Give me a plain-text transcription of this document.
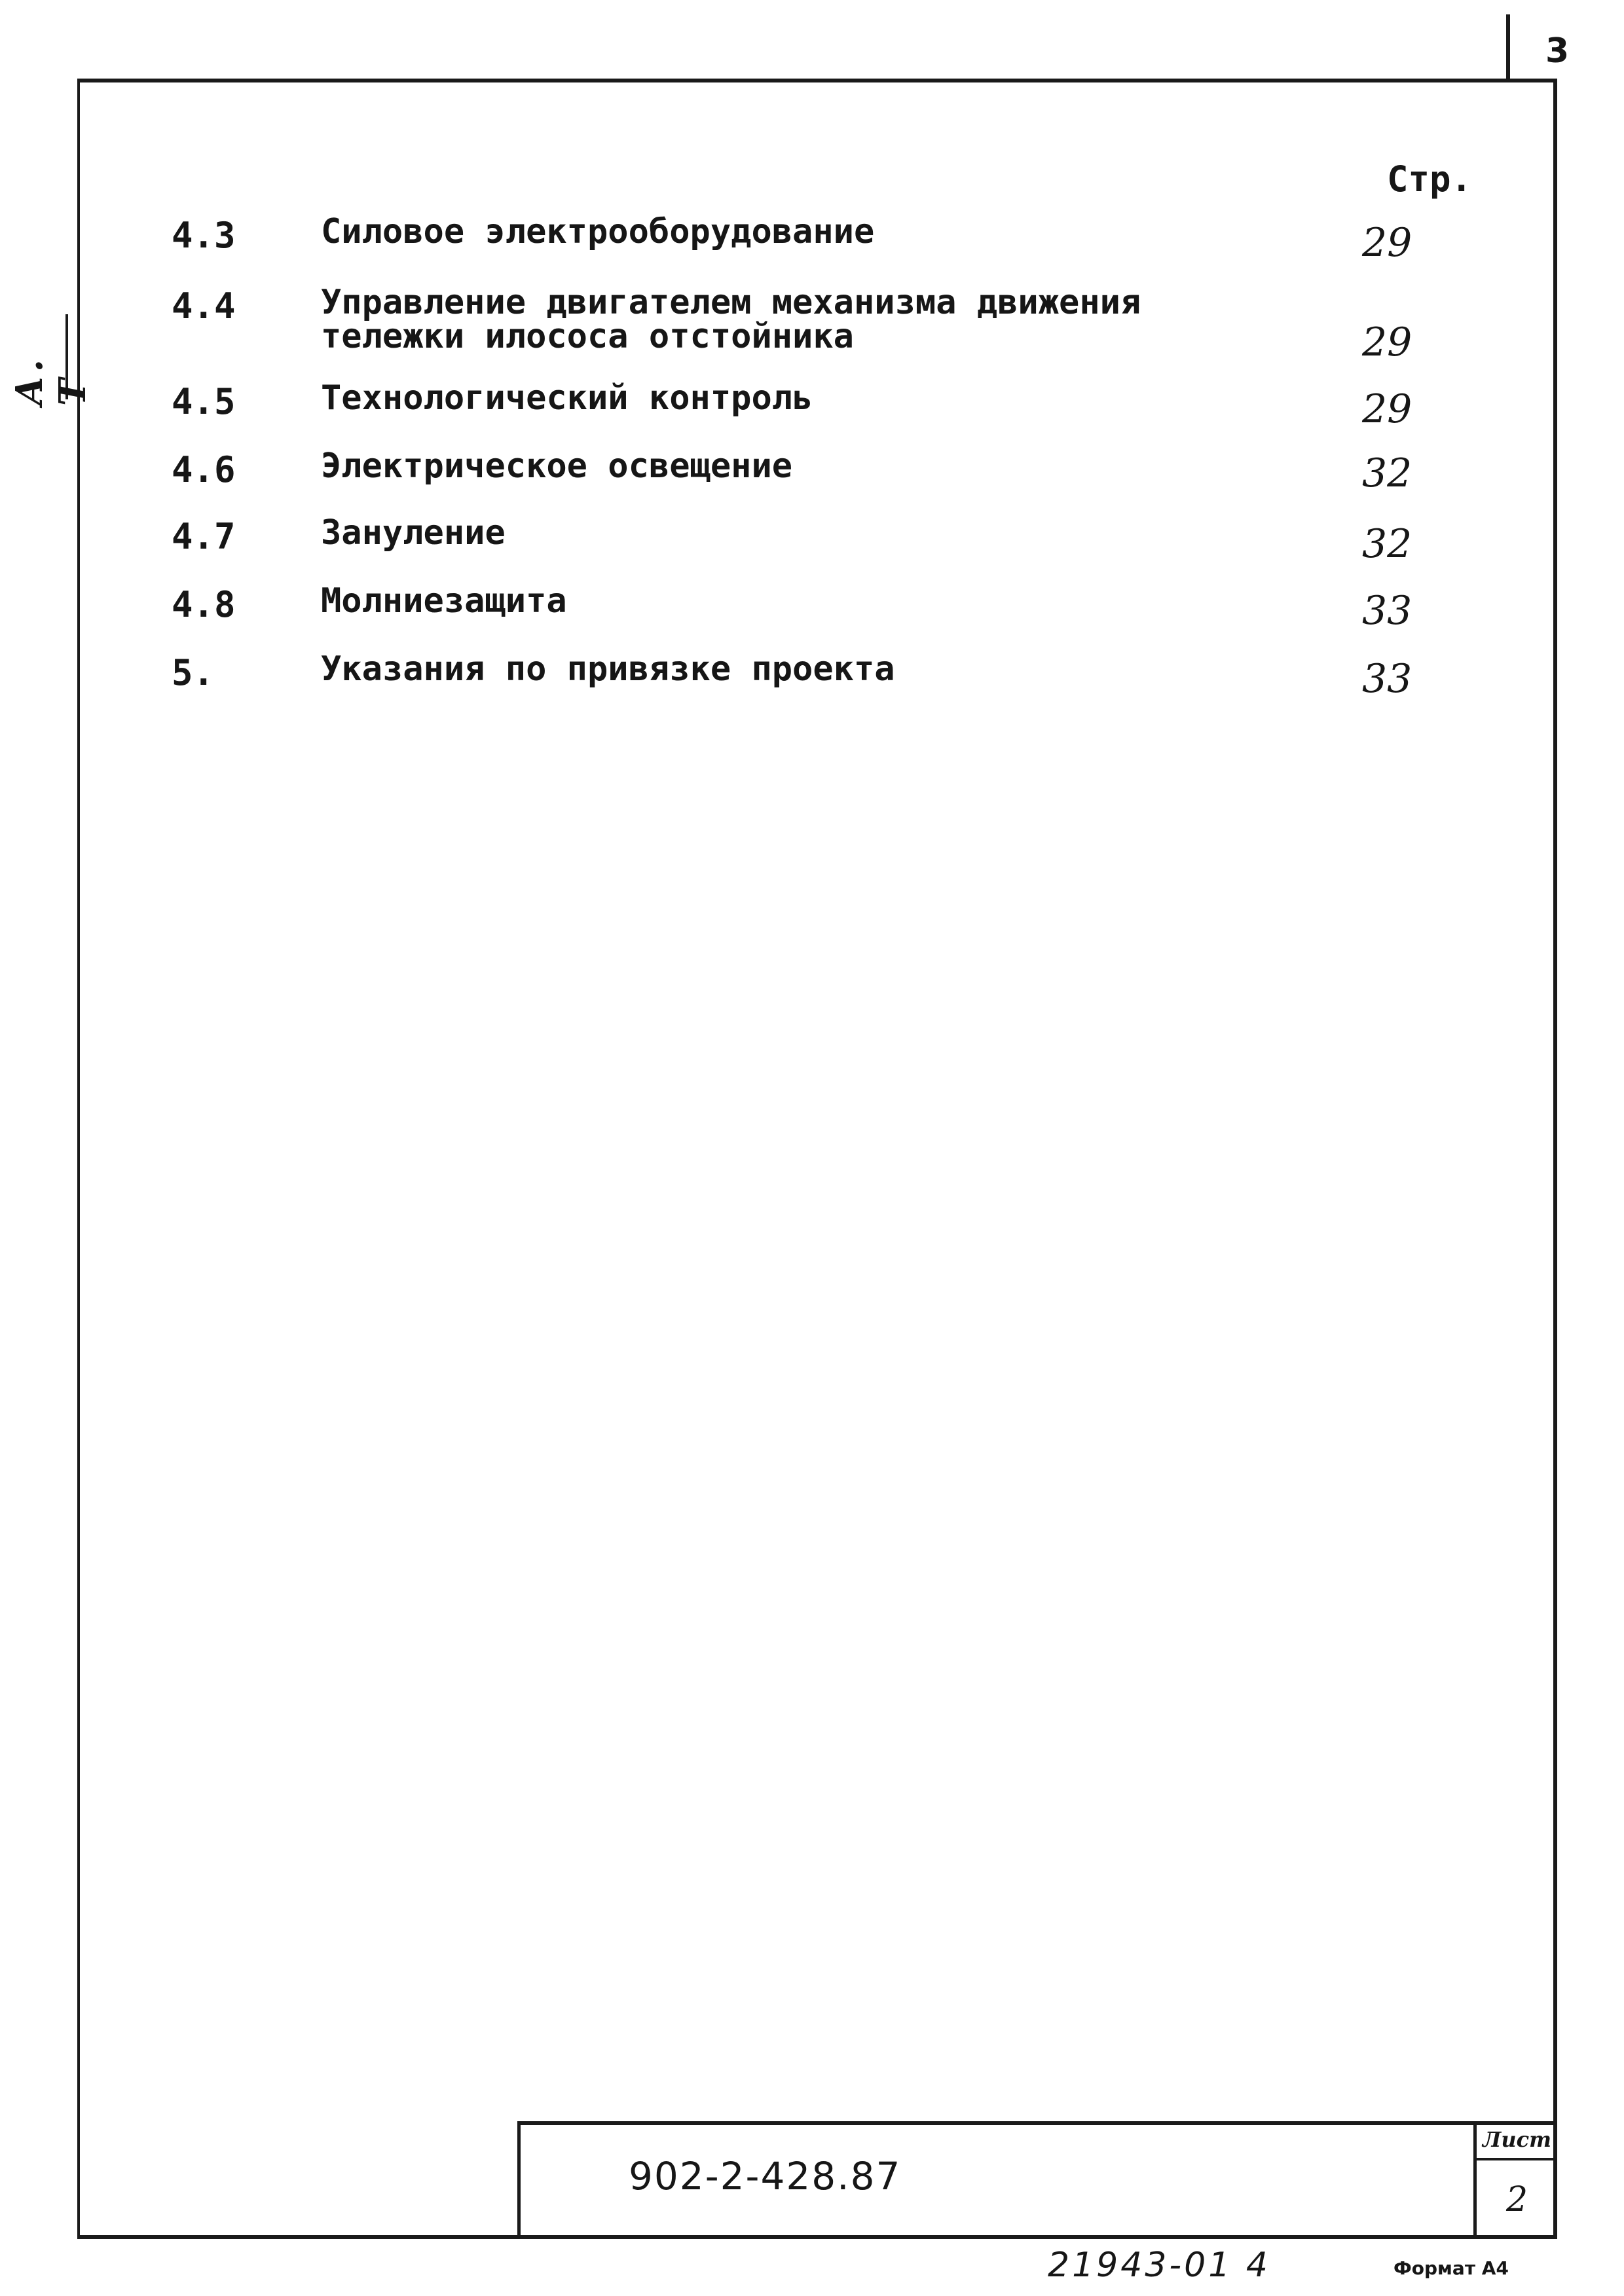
3
А. Т
Стр.
4.3	Силовое электрооборудование	29
4.4	Управление двигателем механизма движения
тележки илососа отстойника	29
4.5	Технологический контроль	29
4.6	Электрическое освещение	32
4.7	Зануление	32
4.8	Молниезащита	33
5.	Указания по привязке проекта	33
902-2-428.87
Лист
2
21943-01 4	Формат А4
